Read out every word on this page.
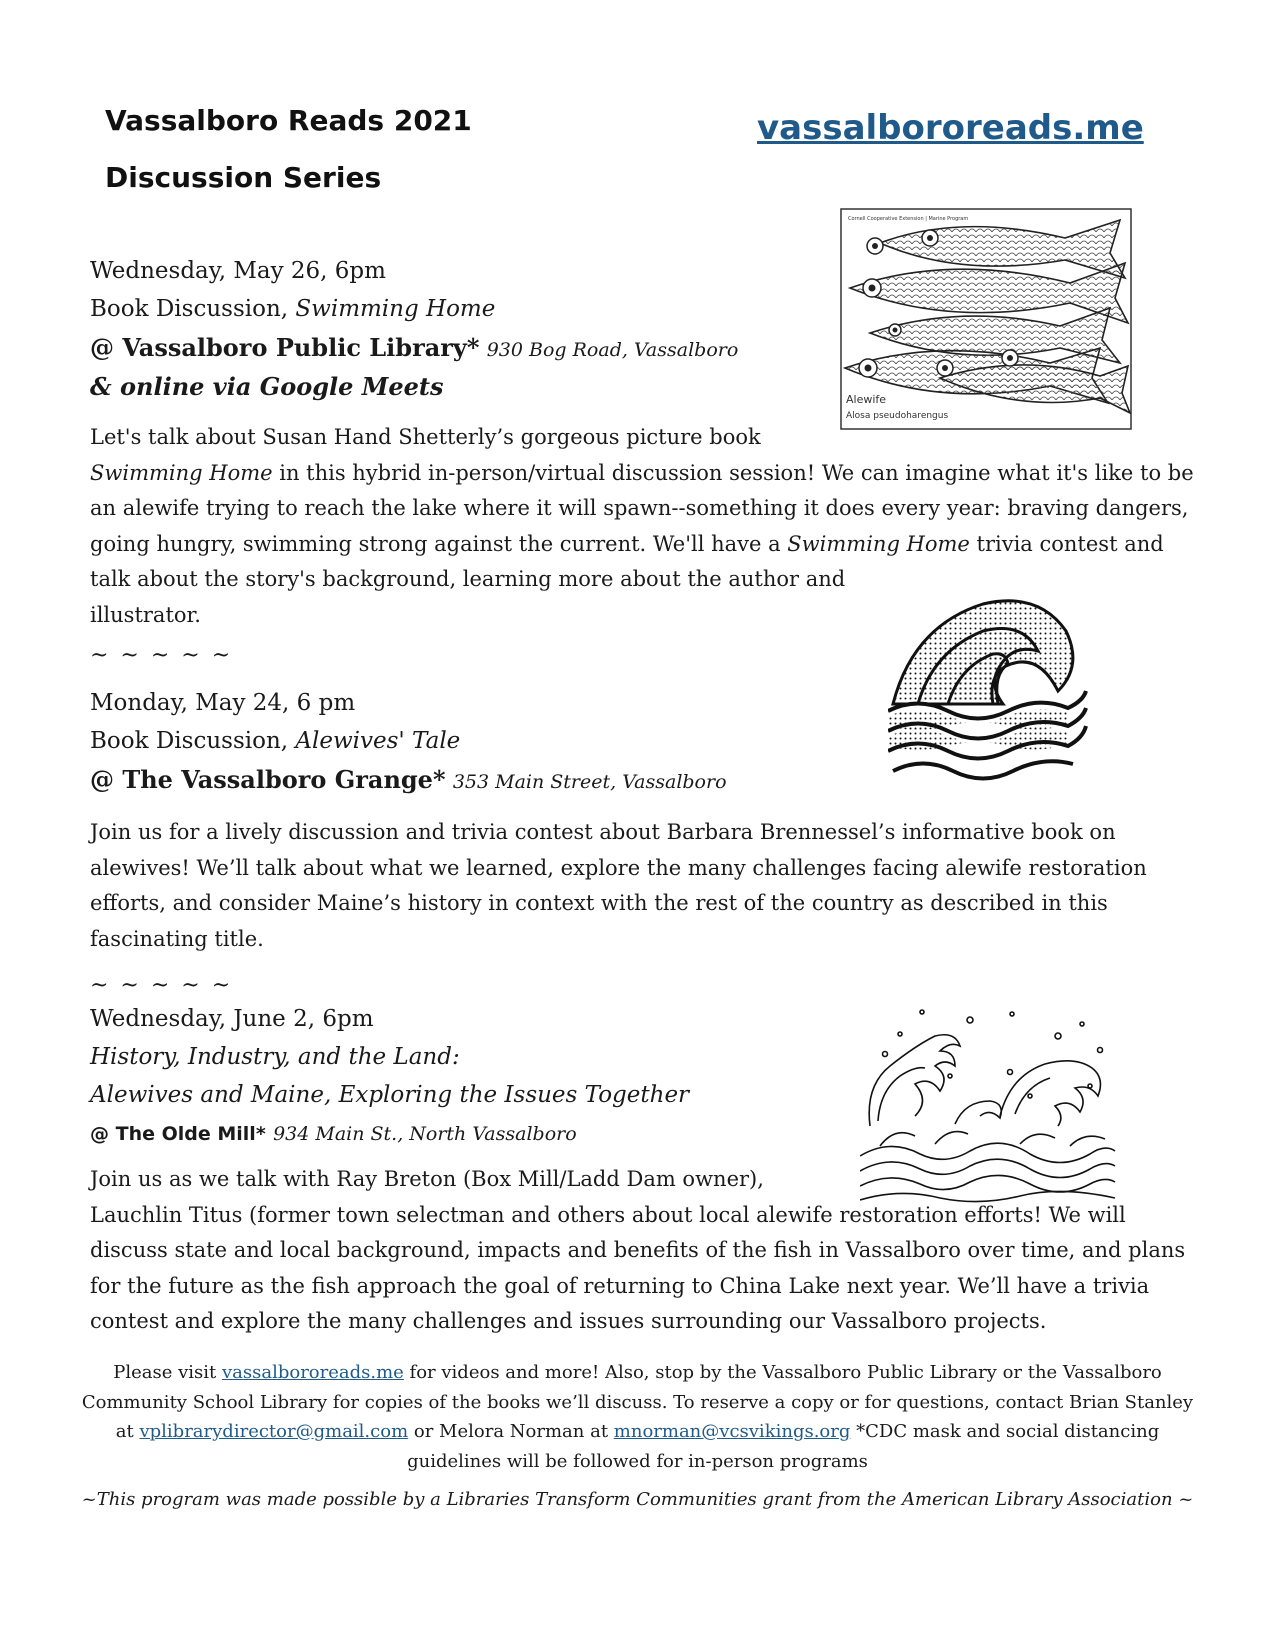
Vassalboro Reads 2021
Discussion Series
vassalbororeads.me
Cornell Cooperative Extension | Marine Program
Alewife
Alosa pseudoharengus
Wednesday, May 26, 6pm
Book Discussion, Swimming Home
@ Vassalboro Public Library* 930 Bog Road, Vassalboro
& online via Google Meets
Let's talk about Susan Hand Shetterly’s gorgeous picture book
Swimming Home in this hybrid in-person/virtual discussion session! We can imagine what it's like to be
an alewife trying to reach the lake where it will spawn--something it does every year: braving dangers,
going hungry, swimming strong against the current. We'll have a Swimming Home trivia contest and
talk about the story's background, learning more about the author and
illustrator.
~~~~~
Monday, May 24, 6 pm
Book Discussion, Alewives' Tale
@ The Vassalboro Grange* 353 Main Street, Vassalboro
Join us for a lively discussion and trivia contest about Barbara Brennessel’s informative book on
alewives! We’ll talk about what we learned, explore the many challenges facing alewife restoration
efforts, and consider Maine’s history in context with the rest of the country as described in this
fascinating title.
~~~~~
Wednesday, June 2, 6pm
History, Industry, and the Land:
Alewives and Maine, Exploring the Issues Together
@ The Olde Mill* 934 Main St., North Vassalboro
Join us as we talk with Ray Breton (Box Mill/Ladd Dam owner),
Lauchlin Titus (former town selectman and others about local alewife restoration efforts! We will
discuss state and local background, impacts and benefits of the fish in Vassalboro over time, and plans
for the future as the fish approach the goal of returning to China Lake next year. We’ll have a trivia
contest and explore the many challenges and issues surrounding our Vassalboro projects.
Please visit vassalbororeads.me for videos and more! Also, stop by the Vassalboro Public Library or the Vassalboro
Community School Library for copies of the books we’ll discuss. To reserve a copy or for questions, contact Brian Stanley
at vplibrarydirector@gmail.com or Melora Norman at mnorman@vcsvikings.org *CDC mask and social distancing
guidelines will be followed for in-person programs
~This program was made possible by a Libraries Transform Communities grant from the American Library Association ~
